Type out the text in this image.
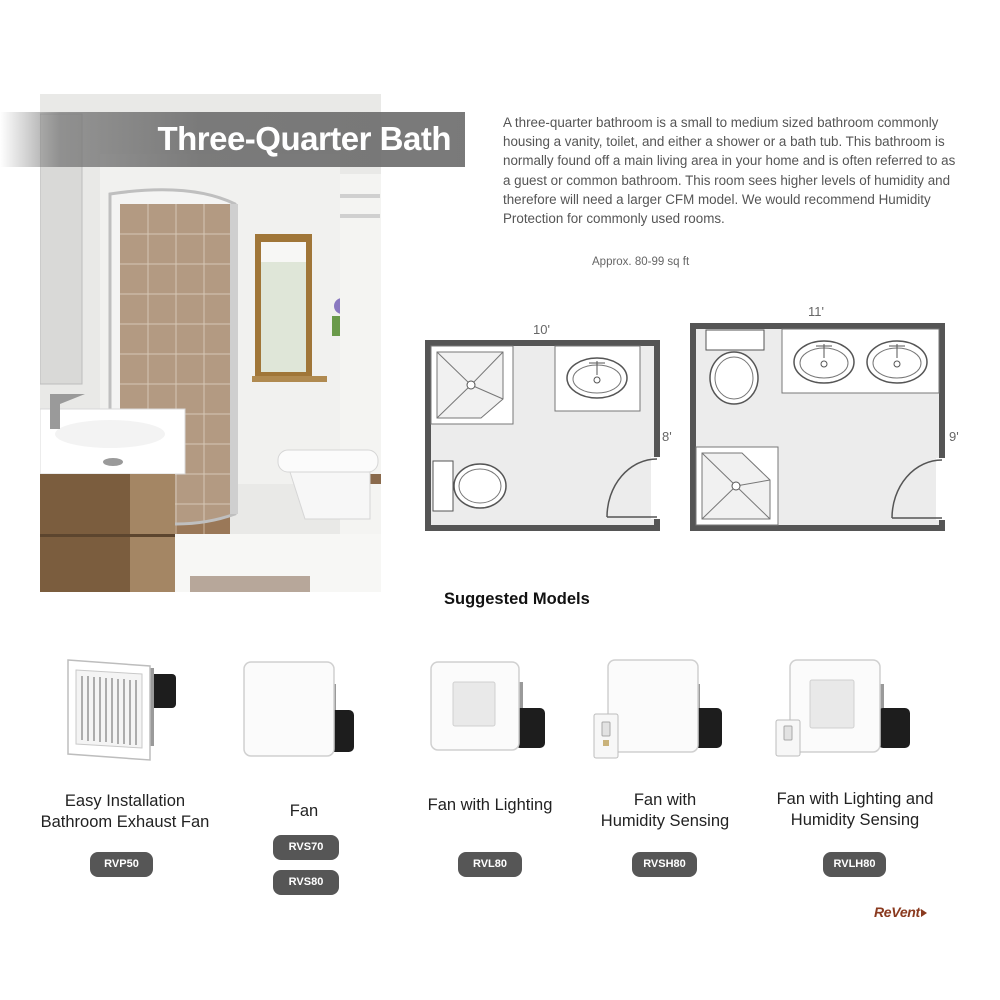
Three-Quarter Bath	A three-quarter bathroom is a small to medium sized bathroom commonly housing a vanity, toilet, and either a shower or a bath tub. This bathroom is normally found off a main living area in your home and is often referred to as a guest or common bathroom. This room sees higher levels of humidity and therefore will need a larger CFM model. We would recommend Humidity Protection for commonly used rooms.
Approx. 80-99 sq ft
10'
8'
11'
9'
Suggested Models
Easy Installation
Bathroom Exhaust Fan
Fan	Fan with Lighting	Fan with
Humidity Sensing
Fan with Lighting and
Humidity Sensing
RVP50
RVS70
RVS80
RVL80	RVSH80	RVLH80
ReVent
